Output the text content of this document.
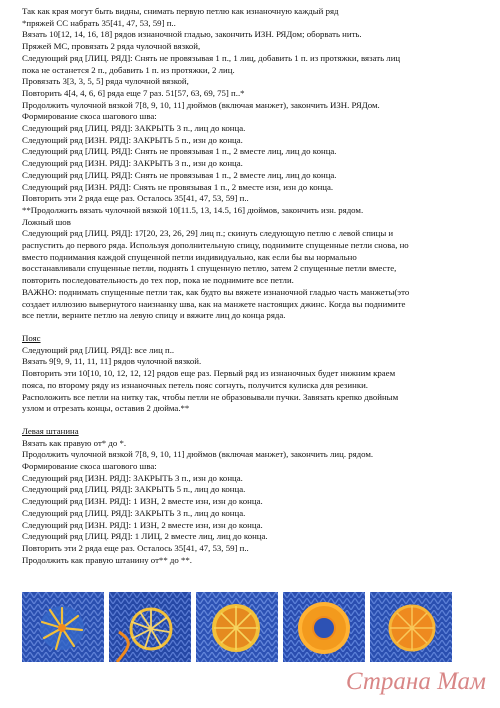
Так как края могут быть видны, снимать первую петлю как изнаночную каждый ряд
*пряжей СС набрать 35[41, 47, 53, 59] п..
Вязать 10[12, 14, 16, 18] рядов изнаночной гладью, закончить ИЗН. РЯДом; оборвать нить.
Пряжей МС, провязать 2 ряда чулочной вязкой,
Следующий ряд [ЛИЦ. РЯД]: Снять не провязывая 1 п., 1 лиц, добавить 1 п. из протяжки, вязать лиц
пока не останется 2 п., добавить 1 п. из протяжки, 2 лиц.
Провязать 3[3, 3, 5, 5] ряда чулочной вязкой,
Повторить 4[4, 4, 6, 6] ряда еще 7 раз. 51[57, 63, 69, 75] п..*
Продолжить чулочной вязкой 7[8, 9, 10, 11] дюймов (включая манжет), закончить ИЗН. РЯДом.
Формирование скоса шагового шва:
Следующий ряд [ЛИЦ. РЯД]: ЗАКРЫТЬ 3 п., лиц до конца.
Следующий ряд [ИЗН. РЯД]: ЗАКРЫТЬ 5 п., изн до конца.
Следующий ряд [ЛИЦ. РЯД]: Снять не провязывая 1 п., 2 вместе лиц, лиц до конца.
Следующий ряд [ИЗН. РЯД]: ЗАКРЫТЬ 3 п., изн до конца.
Следующий ряд [ЛИЦ. РЯД]: Снять не провязывая 1 п., 2 вместе лиц, лиц до конца.
Следующий ряд [ИЗН. РЯД]: Снять не провязывая 1 п., 2 вместе изн, изн до конца.
Повторить эти 2 ряда еще раз. Осталось 35[41, 47, 53, 59] п..
**Продолжить вязать чулочной вязкой 10[11.5, 13, 14.5, 16] дюймов, закончить изн. рядом.
Ложный шов
Следующий ряд [ЛИЦ. РЯД]: 17[20, 23, 26, 29] лиц п.; скинуть следующую петлю с левой спицы и
распустить до первого ряда. Используя дополнительную спицу, поднимите спущенные петли снова, но
вместо поднимания каждой спущенной петли индивидуально, как если бы вы нормально
восстанавливали спущенные петли, поднять 1 спущенную петлю, затем 2 спущенные петли вместе,
повторить последовательность до тех пор, пока не поднимите все петли.
ВАЖНО: поднимать спущенные петли так, как будто вы вяжете изнаночной гладью часть манжеты(это
создает иллюзию вывернутого наизнанку шва, как на манжете настоящих джинс. Когда вы поднимите
все петли, верните петлю на левую спицу и вяжите лиц до конца ряда.
Пояс
Следующий ряд [ЛИЦ. РЯД]: все лиц п..
Вязать 9[9, 9, 11, 11, 11] рядов чулочной вязкой.
Повторить эти 10[10, 10, 12, 12, 12] рядов еще раз. Первый ряд из изнаночных будет нижним краем
пояса, по второму ряду из изнаночных петель пояс согнуть, получится кулиска для резинки.
Расположить все петли на нитку так, чтобы петли не образовывали пучки. Завязать крепко двойным
узлом и отрезать концы, оставив 2 дюйма.**
Левая штанина
Вязать как правую от* до *.
Продолжить чулочной вязкой 7[8, 9, 10, 11] дюймов (включая манжет), закончить лиц. рядом.
Формирование скоса шагового шва:
Следующий ряд [ИЗН. РЯД]: ЗАКРЫТЬ 3 п., изн до конца.
Следующий ряд [ЛИЦ. РЯД]: ЗАКРЫТЬ 5 п., лиц до конца.
Следующий ряд [ИЗН. РЯД]: 1 ИЗН, 2 вместе изн, изн до конца.
Следующий ряд [ЛИЦ. РЯД]: ЗАКРЫТЬ 3 п., лиц до конца.
Следующий ряд [ИЗН. РЯД]: 1 ИЗН, 2 вместе изн, изн до конца.
Следующий ряд [ЛИЦ. РЯД]: 1 ЛИЦ, 2 вместе лиц, лиц до конца.
Повторить эти 2 ряда еще раз. Осталось 35[41, 47, 53, 59] п..
Продолжить как правую штанину от** до **.
Страна Мам
